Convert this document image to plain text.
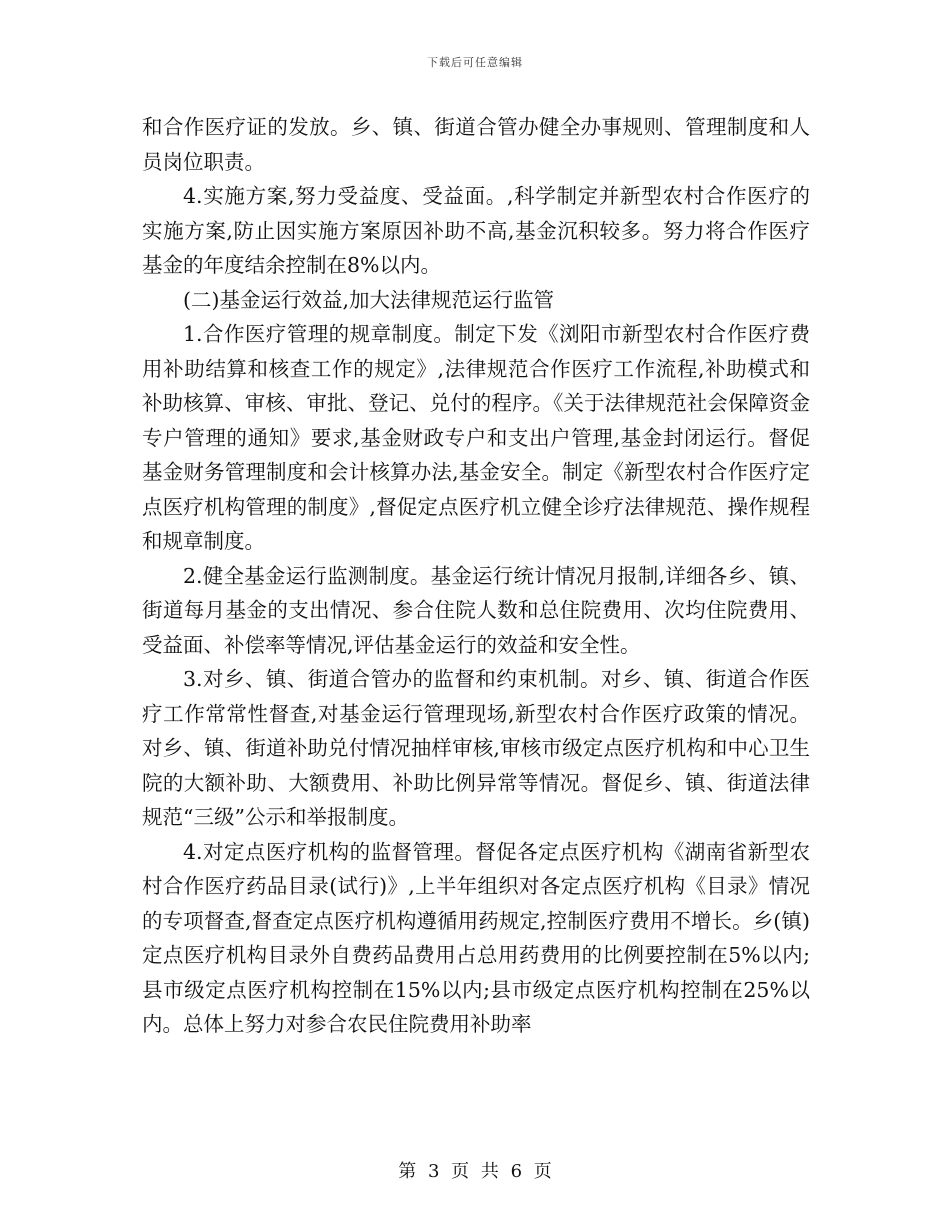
下载后可任意编辑

和合作医疗证的发放。乡、镇、街道合管办健全办事规则、管理制度和人员岗位职责。

4.实施方案,努力受益度、受益面。,科学制定并新型农村合作医疗的实施方案,防止因实施方案原因补助不高,基金沉积较多。努力将合作医疗基金的年度结余控制在8%以内。

(二)基金运行效益,加大法律规范运行监管

1.合作医疗管理的规章制度。制定下发《浏阳市新型农村合作医疗费用补助结算和核查工作的规定》,法律规范合作医疗工作流程,补助模式和补助核算、审核、审批、登记、兑付的程序。《关于法律规范社会保障资金专户管理的通知》要求,基金财政专户和支出户管理,基金封闭运行。督促基金财务管理制度和会计核算办法,基金安全。制定《新型农村合作医疗定点医疗机构管理的制度》,督促定点医疗机立健全诊疗法律规范、操作规程和规章制度。

2.健全基金运行监测制度。基金运行统计情况月报制,详细各乡、镇、街道每月基金的支出情况、参合住院人数和总住院费用、次均住院费用、受益面、补偿率等情况,评估基金运行的效益和安全性。

3.对乡、镇、街道合管办的监督和约束机制。对乡、镇、街道合作医疗工作常常性督查,对基金运行管理现场,新型农村合作医疗政策的情况。对乡、镇、街道补助兑付情况抽样审核,审核市级定点医疗机构和中心卫生院的大额补助、大额费用、补助比例异常等情况。督促乡、镇、街道法律规范“三级”公示和举报制度。

4.对定点医疗机构的监督管理。督促各定点医疗机构《湖南省新型农村合作医疗药品目录(试行)》,上半年组织对各定点医疗机构《目录》情况的专项督查,督查定点医疗机构遵循用药规定,控制医疗费用不增长。乡(镇)定点医疗机构目录外自费药品费用占总用药费用的比例要控制在5%以内;县市级定点医疗机构控制在15%以内;县市级定点医疗机构控制在25%以内。总体上努力对参合农民住院费用补助率

第 3 页 共 6 页
